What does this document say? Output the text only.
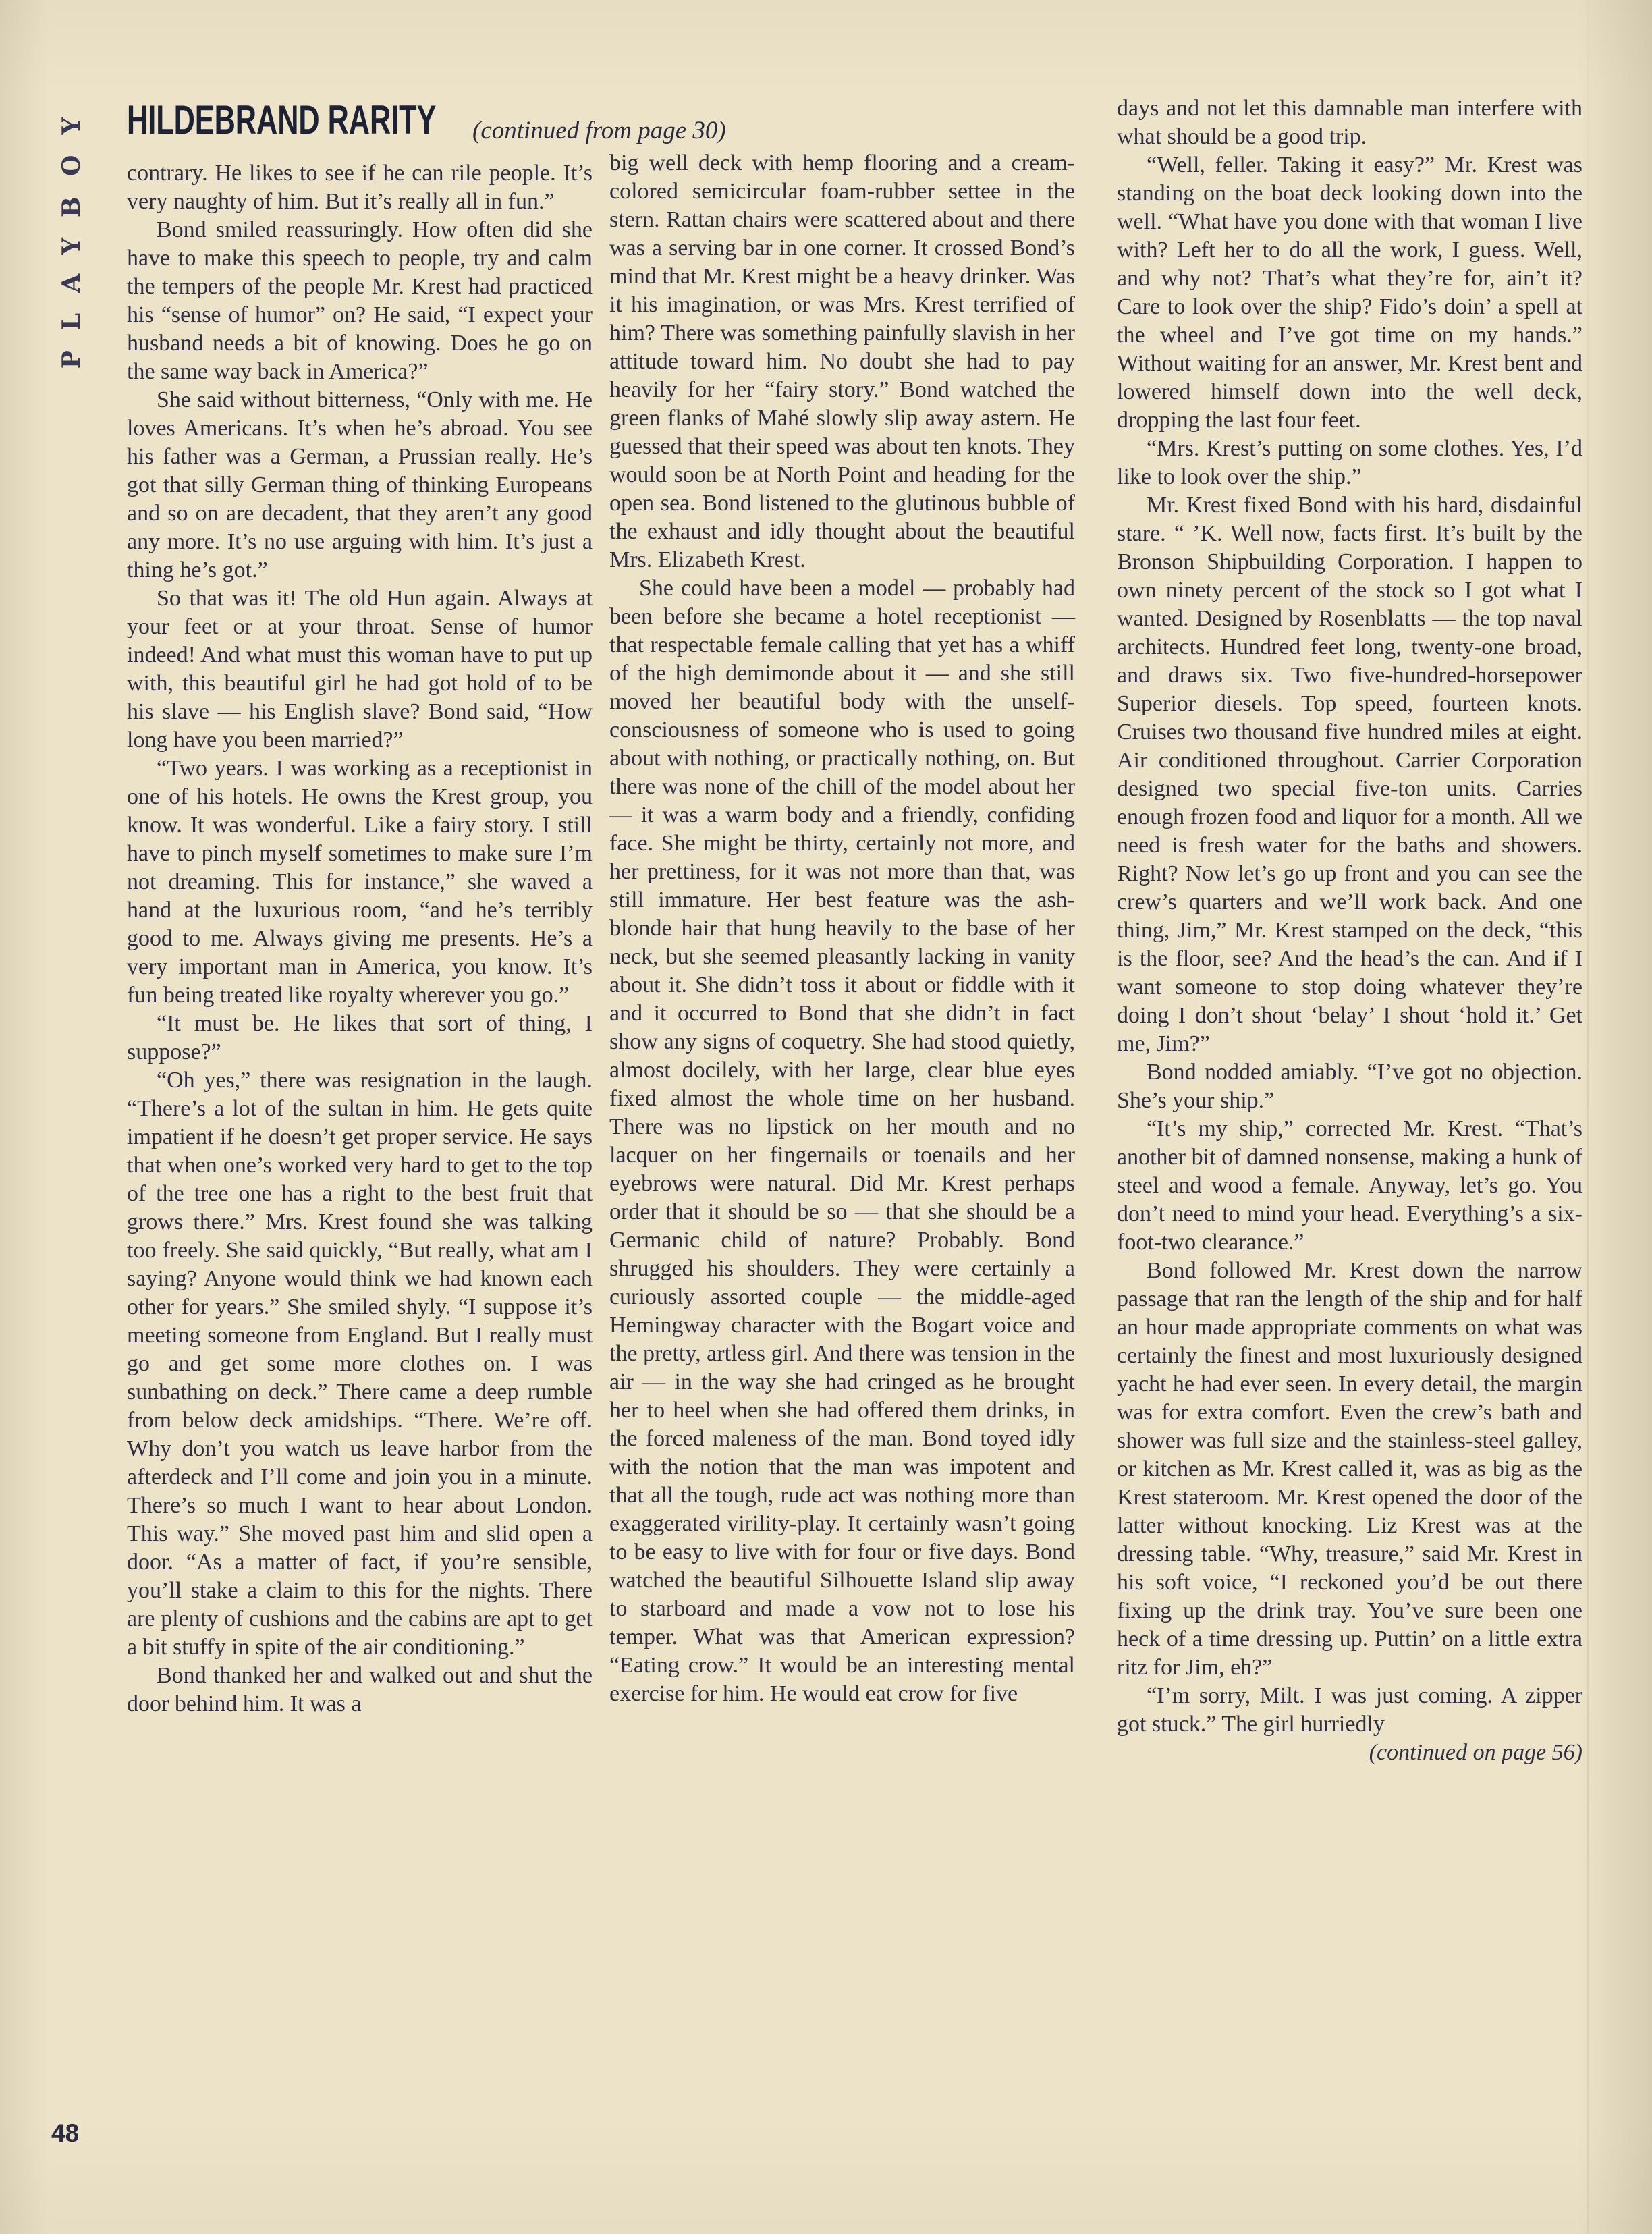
PLAYBOY HILDEBRAND RARITY (continued from page 30)

contrary. He likes to see if he can rile people. It’s very naughty of him. But it’s really all in fun.”

Bond smiled reassuringly. How often did she have to make this speech to people, try and calm the tempers of the people Mr. Krest had practiced his “sense of humor” on? He said, “I expect your husband needs a bit of knowing. Does he go on the same way back in America?”

She said without bitterness, “Only with me. He loves Americans. It’s when he’s abroad. You see his father was a German, a Prussian really. He’s got that silly German thing of thinking Europeans and so on are decadent, that they aren’t any good any more. It’s no use arguing with him. It’s just a thing he’s got.”

So that was it! The old Hun again. Always at your feet or at your throat. Sense of humor indeed! And what must this woman have to put up with, this beautiful girl he had got hold of to be his slave — his English slave? Bond said, “How long have you been married?”

“Two years. I was working as a receptionist in one of his hotels. He owns the Krest group, you know. It was wonderful. Like a fairy story. I still have to pinch myself sometimes to make sure I’m not dreaming. This for instance,” she waved a hand at the luxurious room, “and he’s terribly good to me. Always giving me presents. He’s a very important man in America, you know. It’s fun being treated like royalty wherever you go.”

“It must be. He likes that sort of thing, I suppose?”

“Oh yes,” there was resignation in the laugh. “There’s a lot of the sultan in him. He gets quite impatient if he doesn’t get proper service. He says that when one’s worked very hard to get to the top of the tree one has a right to the best fruit that grows there.” Mrs. Krest found she was talking too freely. She said quickly, “But really, what am I saying? Anyone would think we had known each other for years.” She smiled shyly. “I suppose it’s meeting someone from England. But I really must go and get some more clothes on. I was sunbathing on deck.” There came a deep rumble from below deck amidships. “There. We’re off. Why don’t you watch us leave harbor from the afterdeck and I’ll come and join you in a minute. There’s so much I want to hear about London. This way.” She moved past him and slid open a door. “As a matter of fact, if you’re sensible, you’ll stake a claim to this for the nights. There are plenty of cushions and the cabins are apt to get a bit stuffy in spite of the air conditioning.”

Bond thanked her and walked out and shut the door behind him. It was a

big well deck with hemp flooring and a cream-colored semicircular foam-rubber settee in the stern. Rattan chairs were scattered about and there was a serving bar in one corner. It crossed Bond’s mind that Mr. Krest might be a heavy drinker. Was it his imagination, or was Mrs. Krest terrified of him? There was something painfully slavish in her attitude toward him. No doubt she had to pay heavily for her “fairy story.” Bond watched the green flanks of Mahé slowly slip away astern. He guessed that their speed was about ten knots. They would soon be at North Point and heading for the open sea. Bond listened to the glutinous bubble of the exhaust and idly thought about the beautiful Mrs. Elizabeth Krest.

She could have been a model — probably had been before she became a hotel receptionist — that respectable female calling that yet has a whiff of the high demimonde about it — and she still moved her beautiful body with the unself-consciousness of someone who is used to going about with nothing, or practically nothing, on. But there was none of the chill of the model about her — it was a warm body and a friendly, confiding face. She might be thirty, certainly not more, and her prettiness, for it was not more than that, was still immature. Her best feature was the ash-blonde hair that hung heavily to the base of her neck, but she seemed pleasantly lacking in vanity about it. She didn’t toss it about or fiddle with it and it occurred to Bond that she didn’t in fact show any signs of coquetry. She had stood quietly, almost docilely, with her large, clear blue eyes fixed almost the whole time on her husband. There was no lipstick on her mouth and no lacquer on her fingernails or toenails and her eyebrows were natural. Did Mr. Krest perhaps order that it should be so — that she should be a Germanic child of nature? Probably. Bond shrugged his shoulders. They were certainly a curiously assorted couple — the middle-aged Hemingway character with the Bogart voice and the pretty, artless girl. And there was tension in the air — in the way she had cringed as he brought her to heel when she had offered them drinks, in the forced maleness of the man. Bond toyed idly with the notion that the man was impotent and that all the tough, rude act was nothing more than exaggerated virility-play. It certainly wasn’t going to be easy to live with for four or five days. Bond watched the beautiful Silhouette Island slip away to starboard and made a vow not to lose his temper. What was that American expression? “Eating crow.” It would be an interesting mental exercise for him. He would eat crow for five

days and not let this damnable man interfere with what should be a good trip.

“Well, feller. Taking it easy?” Mr. Krest was standing on the boat deck looking down into the well. “What have you done with that woman I live with? Left her to do all the work, I guess. Well, and why not? That’s what they’re for, ain’t it? Care to look over the ship? Fido’s doin’ a spell at the wheel and I’ve got time on my hands.” Without waiting for an answer, Mr. Krest bent and lowered himself down into the well deck, dropping the last four feet.

“Mrs. Krest’s putting on some clothes. Yes, I’d like to look over the ship.”

Mr. Krest fixed Bond with his hard, disdainful stare. “ ’K. Well now, facts first. It’s built by the Bronson Shipbuilding Corporation. I happen to own ninety percent of the stock so I got what I wanted. Designed by Rosenblatts — the top naval architects. Hundred feet long, twenty-one broad, and draws six. Two five-hundred-horsepower Superior diesels. Top speed, fourteen knots. Cruises two thousand five hundred miles at eight. Air conditioned throughout. Carrier Corporation designed two special five-ton units. Carries enough frozen food and liquor for a month. All we need is fresh water for the baths and showers. Right? Now let’s go up front and you can see the crew’s quarters and we’ll work back. And one thing, Jim,” Mr. Krest stamped on the deck, “this is the floor, see? And the head’s the can. And if I want someone to stop doing whatever they’re doing I don’t shout ‘belay’ I shout ‘hold it.’ Get me, Jim?”

Bond nodded amiably. “I’ve got no objection. She’s your ship.”

“It’s my ship,” corrected Mr. Krest. “That’s another bit of damned nonsense, making a hunk of steel and wood a female. Anyway, let’s go. You don’t need to mind your head. Everything’s a six-foot-two clearance.”

Bond followed Mr. Krest down the narrow passage that ran the length of the ship and for half an hour made appropriate comments on what was certainly the finest and most luxuriously designed yacht he had ever seen. In every detail, the margin was for extra comfort. Even the crew’s bath and shower was full size and the stainless-steel galley, or kitchen as Mr. Krest called it, was as big as the Krest stateroom. Mr. Krest opened the door of the latter without knocking. Liz Krest was at the dressing table. “Why, treasure,” said Mr. Krest in his soft voice, “I reckoned you’d be out there fixing up the drink tray. You’ve sure been one heck of a time dressing up. Puttin’ on a little extra ritz for Jim, eh?”

“I’m sorry, Milt. I was just coming. A zipper got stuck.” The girl hurriedly

(continued on page 56)

48
